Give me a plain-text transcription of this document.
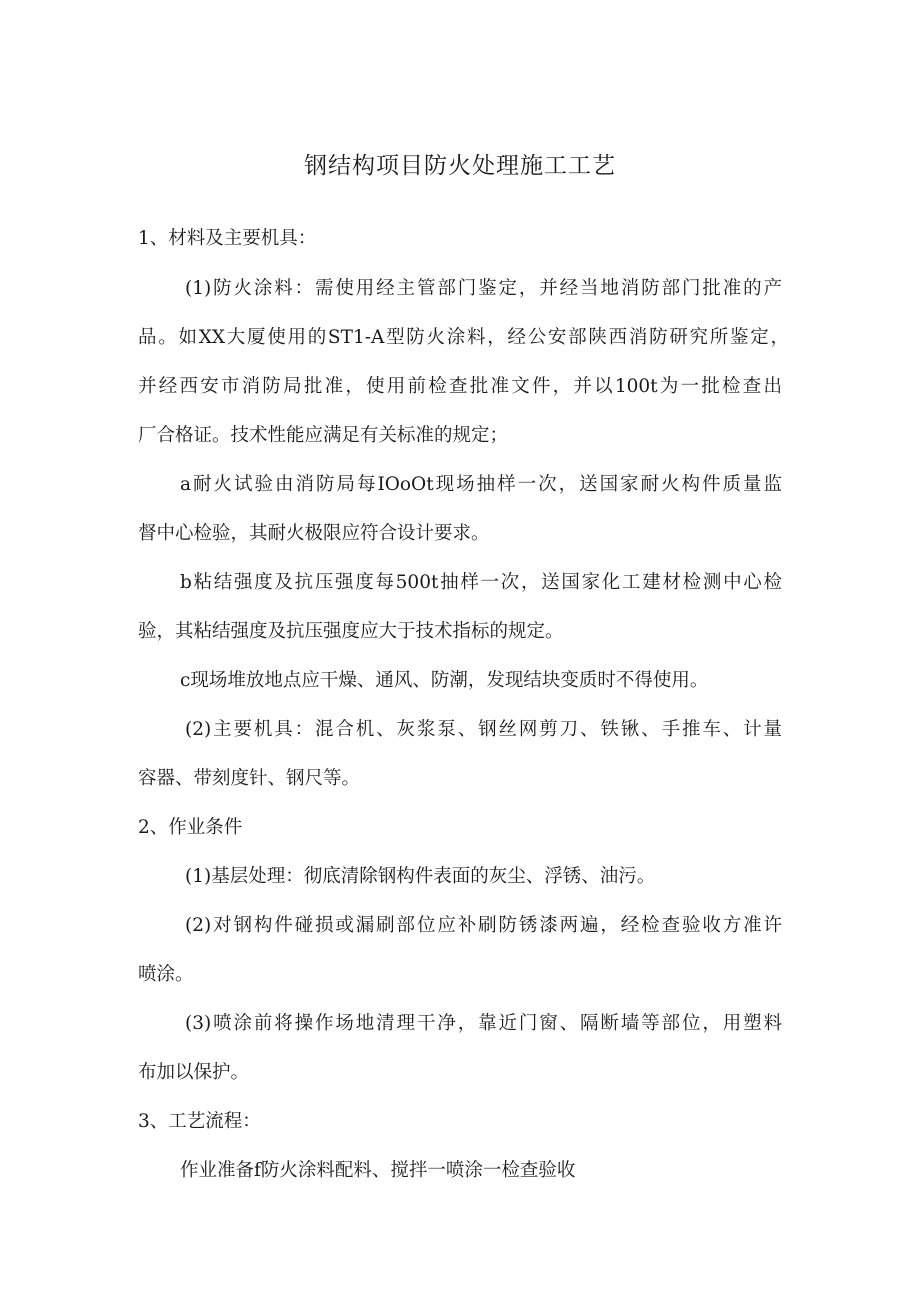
钢结构项目防火处理施工工艺

1、材料及主要机具：

(1)防火涂料：需使用经主管部门鉴定，并经当地消防部门批准的产

品。如XX大厦使用的ST1-A型防火涂料，经公安部陕西消防研究所鉴定，

并经西安市消防局批准，使用前检查批准文件，并以100t为一批检查出

厂合格证。技术性能应满足有关标准的规定；

a耐火试验由消防局每IOoOt现场抽样一次，送国家耐火构件质量监

督中心检验，其耐火极限应符合设计要求。

b粘结强度及抗压强度每500t抽样一次，送国家化工建材检测中心检

验，其粘结强度及抗压强度应大于技术指标的规定。

c现场堆放地点应干燥、通风、防潮，发现结块变质时不得使用。

(2)主要机具：混合机、灰浆泵、钢丝网剪刀、铁锹、手推车、计量

容器、带刻度针、钢尺等。

2、作业条件

(1)基层处理：彻底清除钢构件表面的灰尘、浮锈、油污。

(2)对钢构件碰损或漏刷部位应补刷防锈漆两遍，经检查验收方准许

喷涂。

(3)喷涂前将操作场地清理干净，靠近门窗、隔断墙等部位，用塑料

布加以保护。

3、工艺流程：

作业准备f防火涂料配料、搅拌一喷涂一检查验收
